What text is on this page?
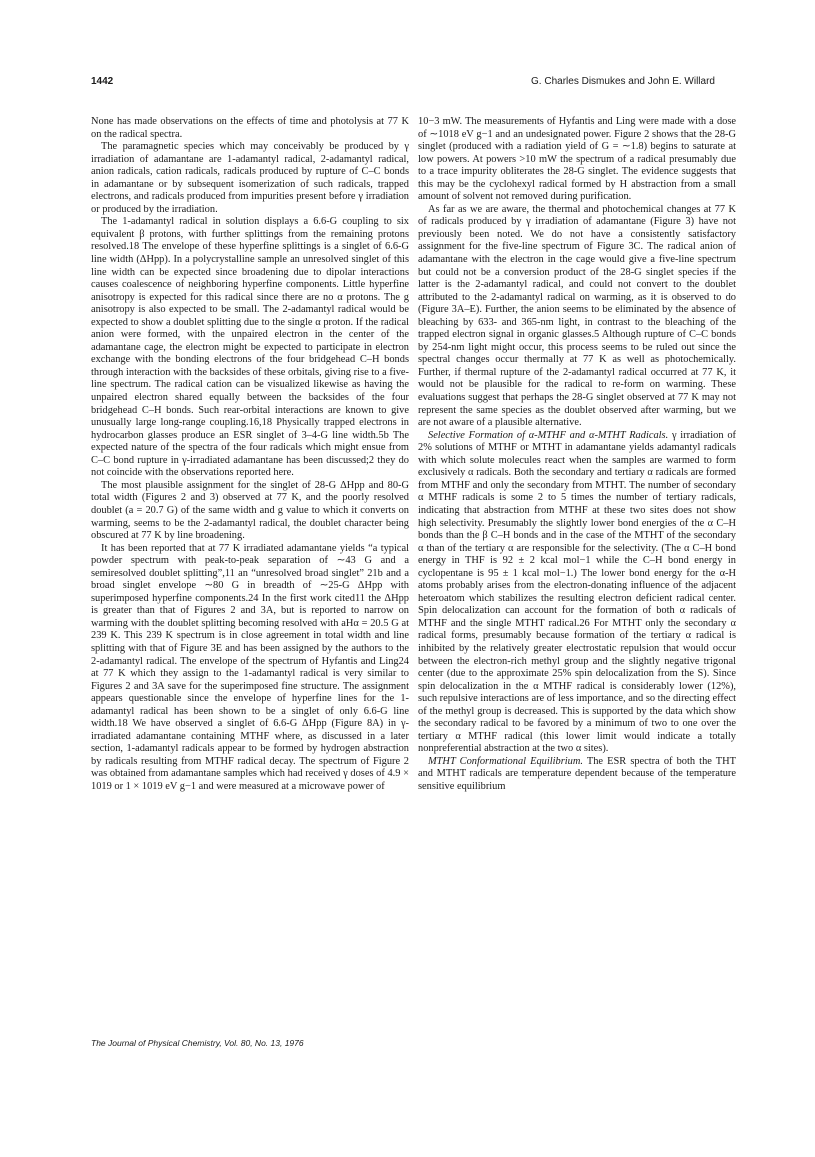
1442	G. Charles Dismukes and John E. Willard

None has made observations on the effects of time and photolysis at 77 K on the radical spectra.

The paramagnetic species which may conceivably be produced by γ irradiation of adamantane are 1-adamantyl radical, 2-adamantyl radical, anion radicals, cation radicals, radicals produced by rupture of C–C bonds in adamantane or by subsequent isomerization of such radicals, trapped electrons, and radicals produced from impurities present before γ irradiation or produced by the irradiation.

The 1-adamantyl radical in solution displays a 6.6-G coupling to six equivalent β protons, with further splittings from the remaining protons resolved.18 The envelope of these hyperfine splittings is a singlet of 6.6-G line width (ΔHpp). In a polycrystalline sample an unresolved singlet of this line width can be expected since broadening due to dipolar interactions causes coalescence of neighboring hyperfine components. Little hyperfine anisotropy is expected for this radical since there are no α protons. The g anisotropy is also expected to be small. The 2-adamantyl radical would be expected to show a doublet splitting due to the single α proton. If the radical anion were formed, with the unpaired electron in the center of the adamantane cage, the electron might be expected to participate in electron exchange with the bonding electrons of the four bridgehead C–H bonds through interaction with the backsides of these orbitals, giving rise to a five-line spectrum. The radical cation can be visualized likewise as having the unpaired electron shared equally between the backsides of the four bridgehead C–H bonds. Such rear-orbital interactions are known to give unusually large long-range coupling.16,18 Physically trapped electrons in hydrocarbon glasses produce an ESR singlet of 3–4-G line width.5b The expected nature of the spectra of the four radicals which might ensue from C–C bond rupture in γ-irradiated adamantane has been discussed;2 they do not coincide with the observations reported here.

The most plausible assignment for the singlet of 28-G ΔHpp and 80-G total width (Figures 2 and 3) observed at 77 K, and the poorly resolved doublet (a = 20.7 G) of the same width and g value to which it converts on warming, seems to be the 2-adamantyl radical, the doublet character being obscured at 77 K by line broadening.

It has been reported that at 77 K irradiated adamantane yields “a typical powder spectrum with peak-to-peak separation of ∼43 G and a semiresolved doublet splitting”,11 an “unresolved broad singlet” 21b and a broad singlet envelope ∼80 G in breadth of ∼25-G ΔHpp with superimposed hyperfine components.24 In the first work cited11 the ΔHpp is greater than that of Figures 2 and 3A, but is reported to narrow on warming with the doublet splitting becoming resolved with aHα = 20.5 G at 239 K. This 239 K spectrum is in close agreement in total width and line splitting with that of Figure 3E and has been assigned by the authors to the 2-adamantyl radical. The envelope of the spectrum of Hyfantis and Ling24 at 77 K which they assign to the 1-adamantyl radical is very similar to Figures 2 and 3A save for the superimposed fine structure. The assignment appears questionable since the envelope of hyperfine lines for the 1-adamantyl radical has been shown to be a singlet of only 6.6-G line width.18 We have observed a singlet of 6.6-G ΔHpp (Figure 8A) in γ-irradiated adamantane containing MTHF where, as discussed in a later section, 1-adamantyl radicals appear to be formed by hydrogen abstraction by radicals resulting from MTHF radical decay. The spectrum of Figure 2 was obtained from adamantane samples which had received γ doses of 4.9 × 1019 or 1 × 1019 eV g−1 and were measured at a microwave power of

10−3 mW. The measurements of Hyfantis and Ling were made with a dose of ∼1018 eV g−1 and an undesignated power. Figure 2 shows that the 28-G singlet (produced with a radiation yield of G = ∼1.8) begins to saturate at low powers. At powers >10 mW the spectrum of a radical presumably due to a trace impurity obliterates the 28-G singlet. The evidence suggests that this may be the cyclohexyl radical formed by H abstraction from a small amount of solvent not removed during purification.

As far as we are aware, the thermal and photochemical changes at 77 K of radicals produced by γ irradiation of adamantane (Figure 3) have not previously been noted. We do not have a consistently satisfactory assignment for the five-line spectrum of Figure 3C. The radical anion of adamantane with the electron in the cage would give a five-line spectrum but could not be a conversion product of the 28-G singlet species if the latter is the 2-adamantyl radical, and could not convert to the doublet attributed to the 2-adamantyl radical on warming, as it is observed to do (Figure 3A–E). Further, the anion seems to be eliminated by the absence of bleaching by 633- and 365-nm light, in contrast to the bleaching of the trapped electron signal in organic glasses.5 Although rupture of C–C bonds by 254-nm light might occur, this process seems to be ruled out since the spectral changes occur thermally at 77 K as well as photochemically. Further, if thermal rupture of the 2-adamantyl radical occurred at 77 K, it would not be plausible for the radical to re-form on warming. These evaluations suggest that perhaps the 28-G singlet observed at 77 K may not represent the same species as the doublet observed after warming, but we are not aware of a plausible alternative.

Selective Formation of α-MTHF and α-MTHT Radicals. γ irradiation of 2% solutions of MTHF or MTHT in adamantane yields adamantyl radicals with which solute molecules react when the samples are warmed to form exclusively α radicals. Both the secondary and tertiary α radicals are formed from MTHF and only the secondary from MTHT. The number of secondary α MTHF radicals is some 2 to 5 times the number of tertiary radicals, indicating that abstraction from MTHF at these two sites does not show high selectivity. Presumably the slightly lower bond energies of the α C–H bonds than the β C–H bonds and in the case of the MTHT of the secondary α than of the tertiary α are responsible for the selectivity. (The α C–H bond energy in THF is 92 ± 2 kcal mol−1 while the C–H bond energy in cyclopentane is 95 ± 1 kcal mol−1.) The lower bond energy for the α-H atoms probably arises from the electron-donating influence of the adjacent heteroatom which stabilizes the resulting electron deficient radical center. Spin delocalization can account for the formation of both α radicals of MTHF and the single MTHT radical.26 For MTHT only the secondary α radical forms, presumably because formation of the tertiary α radical is inhibited by the relatively greater electrostatic repulsion that would occur between the electron-rich methyl group and the slightly negative trigonal center (due to the approximate 25% spin delocalization from the S). Since spin delocalization in the α MTHF radical is considerably lower (12%), such repulsive interactions are of less importance, and so the directing effect of the methyl group is decreased. This is supported by the data which show the secondary radical to be favored by a minimum of two to one over the tertiary α MTHF radical (this lower limit would indicate a totally nonpreferential abstraction at the two α sites).

MTHT Conformational Equilibrium. The ESR spectra of both the THT and MTHT radicals are temperature dependent because of the temperature sensitive equilibrium

The Journal of Physical Chemistry, Vol. 80, No. 13, 1976
